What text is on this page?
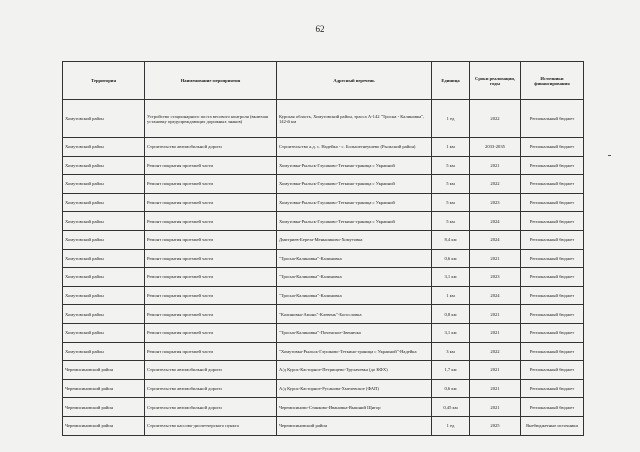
62
Территория	Наименование мероприятия	Адресный перечень	Единица	Сроки реализации, годы	Источники финансирования
Хомутовский район	Устройство стационарного поста весового контроля (включая установку предупреждающих дорожных знаков)	Курская область, Хомутовский район, трасса А-142 "Тросна - Калиновка", 142-й км	1 ед	2022	Региональный бюджет
Хомутовский район	Строительство автомобильной дороги	Строительство а.д. с. Надейка - с. Большегнеушево (Рыльский район)	1 км	2033-2035	Региональный бюджет
Хомутовский район	Ремонт покрытия проезжей части	Хомутовка-Рыльск-Глушково-Теткино-граница с Украиной	5 км	2021	Региональный бюджет
Хомутовский район	Ремонт покрытия проезжей части	Хомутовка-Рыльск-Глушково-Теткино-граница с Украиной	5 км	2022	Региональный бюджет
Хомутовский район	Ремонт покрытия проезжей части	Хомутовка-Рыльск-Глушково-Теткино-граница с Украиной	5 км	2023	Региональный бюджет
Хомутовский район	Ремонт покрытия проезжей части	Хомутовка-Рыльск-Глушково-Теткино-граница с Украиной	5 км	2024	Региональный бюджет
Хомутовский район	Ремонт покрытия проезжей части	Дмитриев-Береза-Меньшиково-Хомутовка	8,4 км	2024	Региональный бюджет
Хомутовский район	Ремонт покрытия проезжей части	"Тросна-Калиновка"-Калиновка	0,6 км	2021	Региональный бюджет
Хомутовский район	Ремонт покрытия проезжей части	"Тросна-Калиновка"-Калиновка	3,1 км	2023	Региональный бюджет
Хомутовский район	Ремонт покрытия проезжей части	"Тросна-Калиновка"-Калиновка	1 км	2024	Региональный бюджет
Хомутовский район	Ремонт покрытия проезжей части	"Калиновка-Амонь"-Клевень"-Богословка	0,8 км	2021	Региональный бюджет
Хомутовский район	Ремонт покрытия проезжей части	"Тросна-Калиновка"-Поченское-Звеничка	3,1 км	2021	Региональный бюджет
Хомутовский район	Ремонт покрытия проезжей части	"Хомутовка-Рыльск-Глушково-Теткино-граница с Украиной"-Надейка	3 км	2022	Региональный бюджет
Черемисиновский район	Строительство автомобильной дороги	А/д Курск-Касторное-Петрищево-Трухачевка (до КФХ)	1,7 км	2021	Региональный бюджет
Черемисиновский район	Строительство автомобильной дороги	А/д Курск-Касторное-Русанова-Хмелевское (ФАП)	0,6 км	2021	Региональный бюджет
Черемисиновский район	Строительство автомобильной дороги	Черемисиново-Станково-Ивановка-Вышний Щигор	0,45 км	2021	Региональный бюджет
Черемисиновский район	Строительство кассово-диспетчерского пункта	Черемисиновский район	1 ед	2025	Внебюджетные источники
